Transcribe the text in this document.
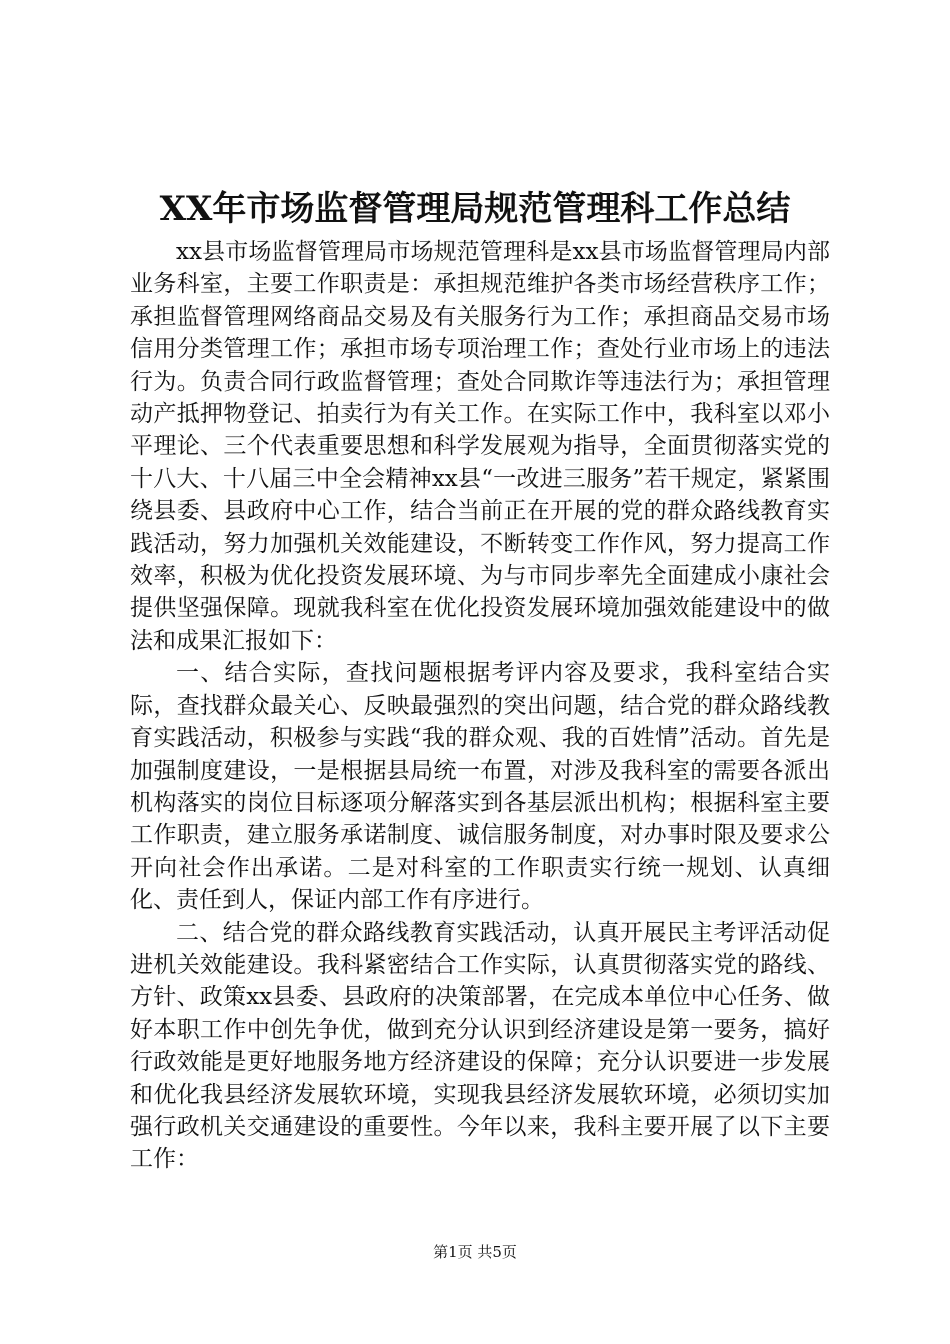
XX年市场监督管理局规范管理科工作总结

xx县市场监督管理局市场规范管理科是xx县市场监督管理局内部业务科室，主要工作职责是：承担规范维护各类市场经营秩序工作；承担监督管理网络商品交易及有关服务行为工作；承担商品交易市场信用分类管理工作；承担市场专项治理工作；查处行业市场上的违法行为。负责合同行政监督管理；查处合同欺诈等违法行为；承担管理动产抵押物登记、拍卖行为有关工作。在实际工作中，我科室以邓小平理论、三个代表重要思想和科学发展观为指导，全面贯彻落实党的十八大、十八届三中全会精神xx县“一改进三服务”若干规定，紧紧围绕县委、县政府中心工作，结合当前正在开展的党的群众路线教育实践活动，努力加强机关效能建设，不断转变工作作风，努力提高工作效率，积极为优化投资发展环境、为与市同步率先全面建成小康社会提供坚强保障。现就我科室在优化投资发展环境加强效能建设中的做法和成果汇报如下：

一、结合实际，查找问题根据考评内容及要求，我科室结合实际，查找群众最关心、反映最强烈的突出问题，结合党的群众路线教育实践活动，积极参与实践“我的群众观、我的百姓情”活动。首先是加强制度建设，一是根据县局统一布置，对涉及我科室的需要各派出机构落实的岗位目标逐项分解落实到各基层派出机构；根据科室主要工作职责，建立服务承诺制度、诚信服务制度，对办事时限及要求公开向社会作出承诺。二是对科室的工作职责实行统一规划、认真细化、责任到人，保证内部工作有序进行。

二、结合党的群众路线教育实践活动，认真开展民主考评活动促进机关效能建设。我科紧密结合工作实际，认真贯彻落实党的路线、方针、政策xx县委、县政府的决策部署，在完成本单位中心任务、做好本职工作中创先争优，做到充分认识到经济建设是第一要务，搞好行政效能是更好地服务地方经济建设的保障；充分认识要进一步发展和优化我县经济发展软环境，实现我县经济发展软环境，必须切实加强行政机关交通建设的重要性。今年以来，我科主要开展了以下主要工作：

第1页 共5页
